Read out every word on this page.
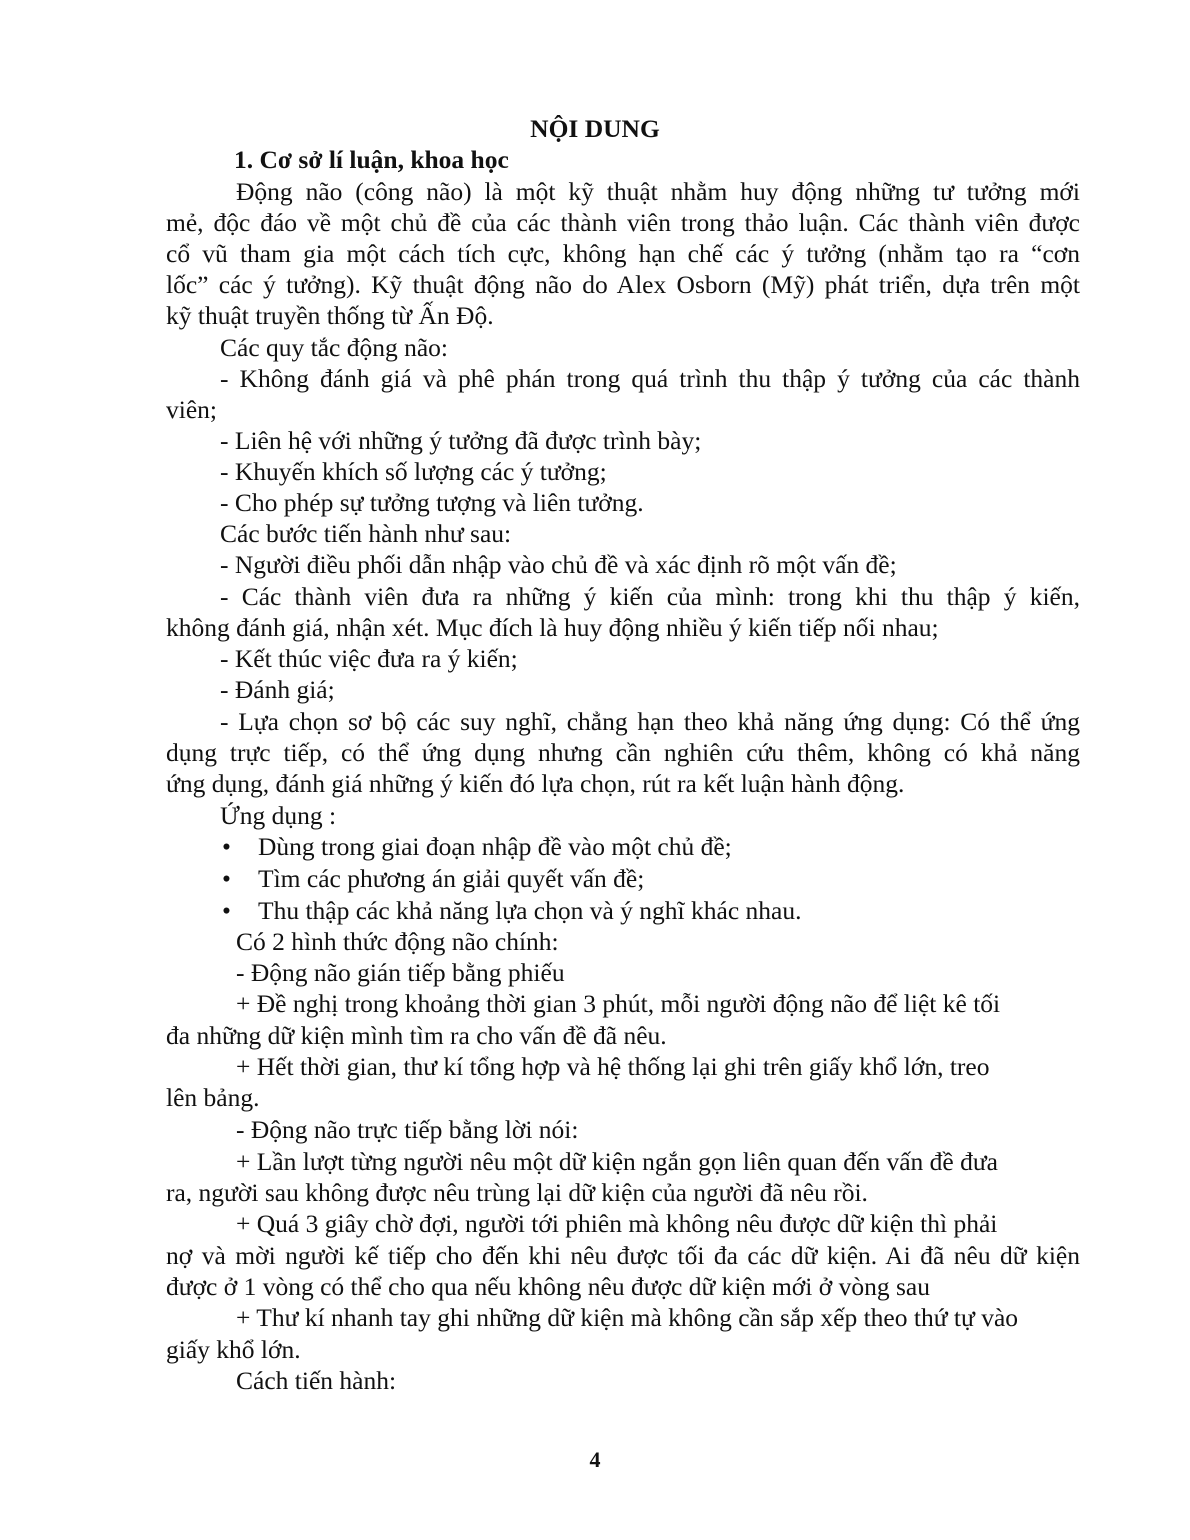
NỘI DUNG
1. Cơ sở lí luận, khoa học
Động não (công não) là một kỹ thuật nhằm huy động những tư tưởng mới
mẻ, độc đáo về một chủ đề của các thành viên trong thảo luận. Các thành viên được
cổ vũ tham gia một cách tích cực, không hạn chế các ý tưởng (nhằm tạo ra “cơn
lốc” các ý tưởng). Kỹ thuật động não do Alex Osborn (Mỹ) phát triển, dựa trên một
kỹ thuật truyền thống từ Ấn Độ.
Các quy tắc động não:
- Không đánh giá và phê phán trong quá trình thu thập ý tưởng của các thành
viên;
- Liên hệ với những ý tưởng đã được trình bày;
- Khuyến khích số lượng các ý tưởng;
- Cho phép sự tưởng tượng và liên tưởng.
Các bước tiến hành như sau:
- Người điều phối dẫn nhập vào chủ đề và xác định rõ một vấn đề;
- Các thành viên đưa ra những ý kiến của mình: trong khi thu thập ý kiến,
không đánh giá, nhận xét. Mục đích là huy động nhiều ý kiến tiếp nối nhau;
- Kết thúc việc đưa ra ý kiến;
- Đánh giá;
- Lựa chọn sơ bộ các suy nghĩ, chẳng hạn theo khả năng ứng dụng: Có thể ứng
dụng trực tiếp, có thể ứng dụng nhưng cần nghiên cứu thêm, không có khả năng
ứng dụng, đánh giá những ý kiến đó lựa chọn, rút ra kết luận hành động.
Ứng dụng :
• Dùng trong giai đoạn nhập đề vào một chủ đề;
• Tìm các phương án giải quyết vấn đề;
• Thu thập các khả năng lựa chọn và ý nghĩ khác nhau.
Có 2 hình thức động não chính:
- Động não gián tiếp bằng phiếu
+ Đề nghị trong khoảng thời gian 3 phút, mỗi người động não để liệt kê tối
đa những dữ kiện mình tìm ra cho vấn đề đã nêu.
+ Hết thời gian, thư kí tổng hợp và hệ thống lại ghi trên giấy khổ lớn, treo
lên bảng.
- Động não trực tiếp bằng lời nói:
+ Lần lượt từng người nêu một dữ kiện ngắn gọn liên quan đến vấn đề đưa
ra, người sau không được nêu trùng lại dữ kiện của người đã nêu rồi.
+ Quá 3 giây chờ đợi, người tới phiên mà không nêu được dữ kiện thì phải
nợ và mời người kế tiếp cho đến khi nêu được tối đa các dữ kiện. Ai đã nêu dữ kiện
được ở 1 vòng có thể cho qua nếu không nêu được dữ kiện mới ở vòng sau
+ Thư kí nhanh tay ghi những dữ kiện mà không cần sắp xếp theo thứ tự vào
giấy khổ lớn.
Cách tiến hành:
4
